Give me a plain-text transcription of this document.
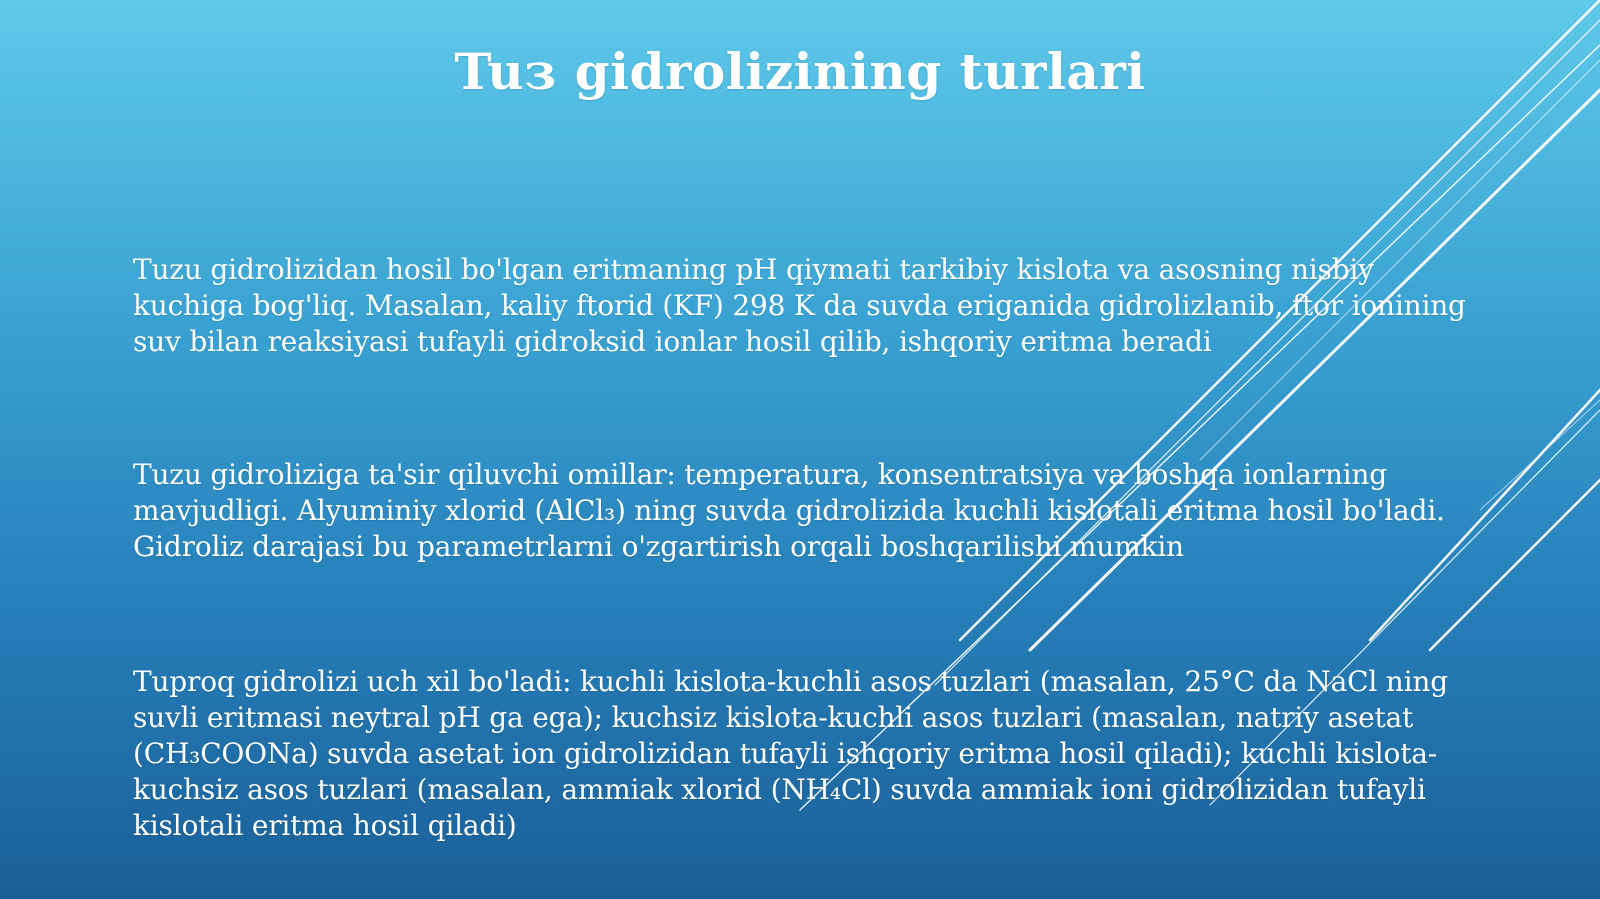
Tuз gidrolizining turlari
Tuzu gidrolizidan hosil bo'lgan eritmaning pH qiymati tarkibiy kislota va asosning nisbiy kuchiga bog'liq. Masalan, kaliy ftorid (KF) 298 K da suvda eriganida gidrolizlanib, ftor ionining suv bilan reaksiyasi tufayli gidroksid ionlar hosil qilib, ishqoriy eritma beradi
Tuzu gidroliziga ta'sir qiluvchi omillar: temperatura, konsentratsiya va boshqa ionlarning mavjudligi. Alyuminiy xlorid (AlCl₃) ning suvda gidrolizida kuchli kislotali eritma hosil bo'ladi. Gidroliz darajasi bu parametrlarni o'zgartirish orqali boshqarilishi mumkin
Tuproq gidrolizi uch xil bo'ladi: kuchli kislota-kuchli asos tuzlari (masalan, 25°C da NaCl ning suvli eritmasi neytral pH ga ega); kuchsiz kislota-kuchli asos tuzlari (masalan, natriy asetat (CH₃COONa) suvda asetat ion gidrolizidan tufayli ishqoriy eritma hosil qiladi); kuchli kislota-kuchsiz asos tuzlari (masalan, ammiak xlorid (NH₄Cl) suvda ammiak ioni gidrolizidan tufayli kislotali eritma hosil qiladi)
